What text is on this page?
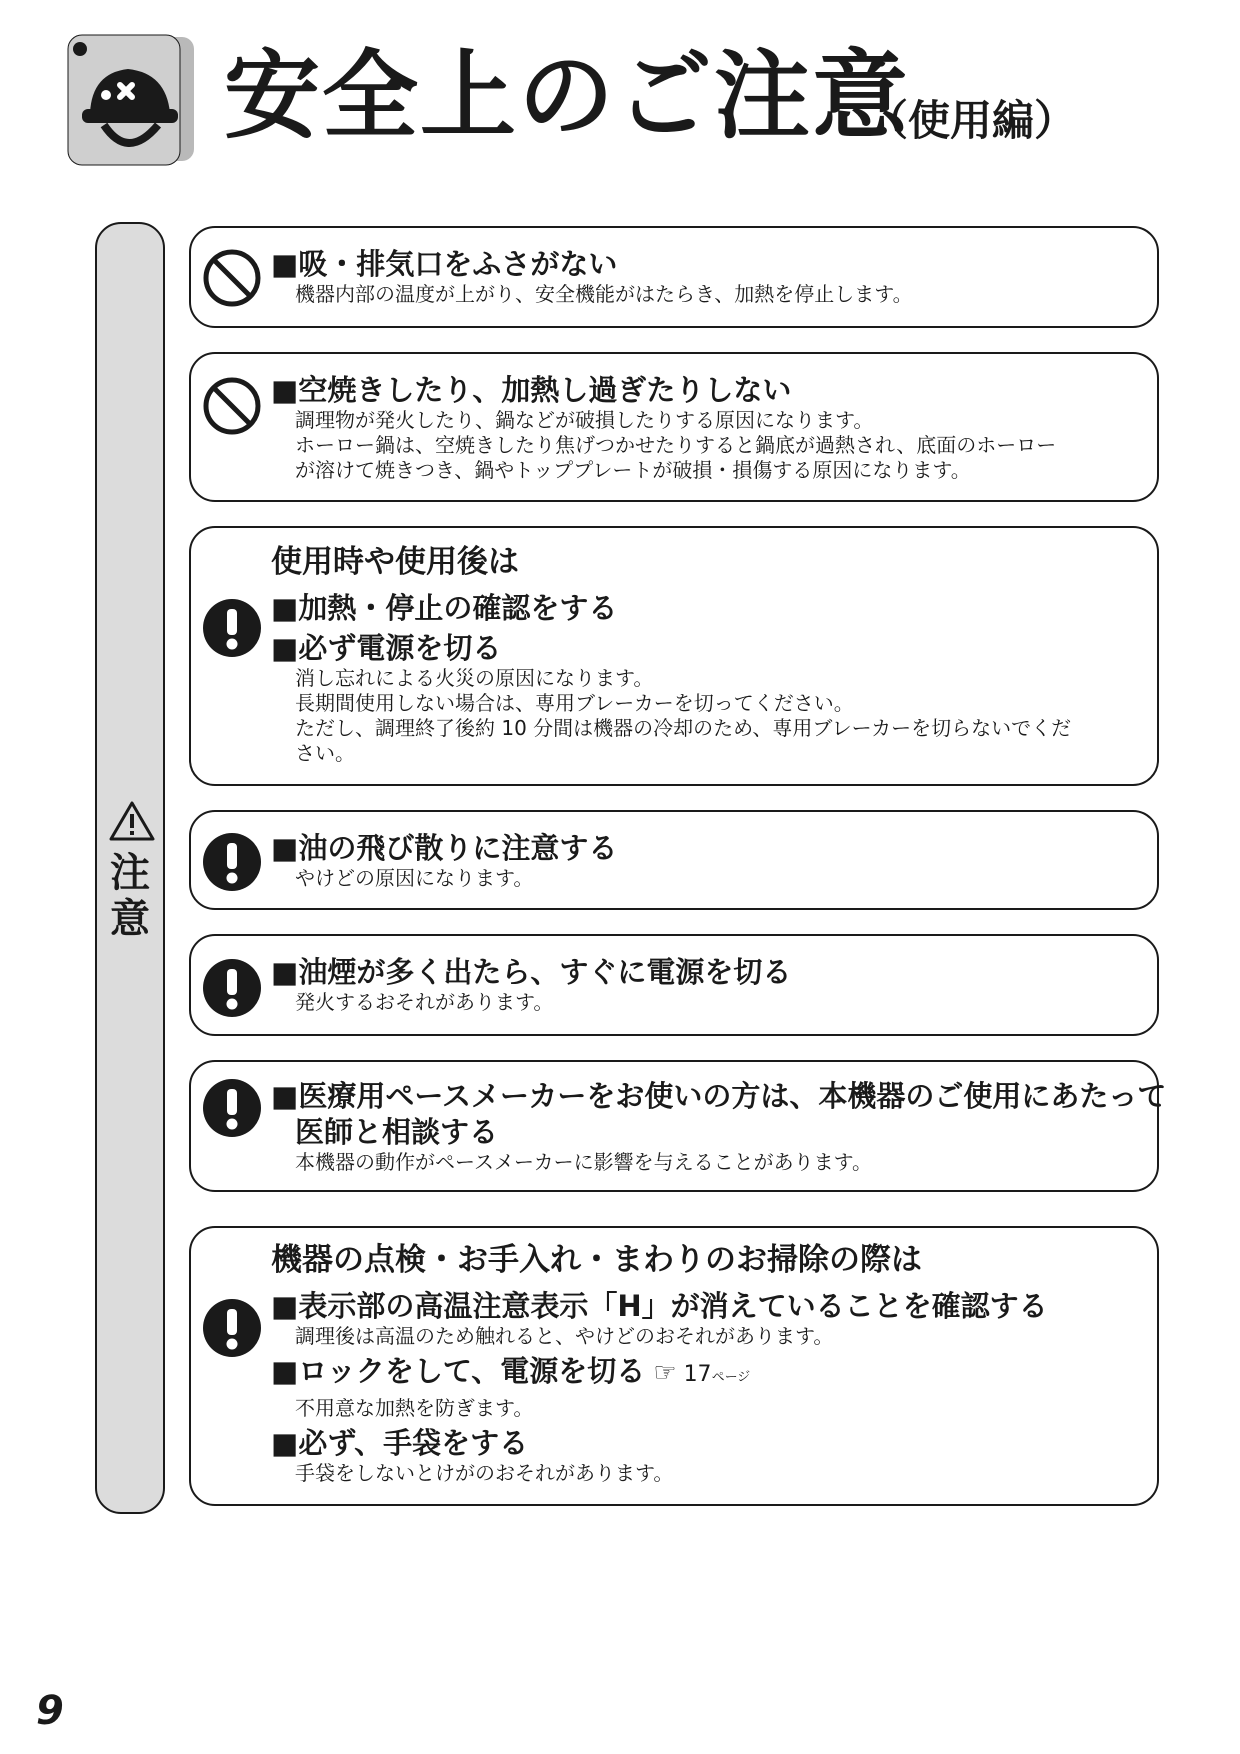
安全上のご注意
（使用編）
注意
■吸・排気口をふさがない
機器内部の温度が上がり、安全機能がはたらき、加熱を停止します。
■空焼きしたり、加熱し過ぎたりしない
調理物が発火したり、鍋などが破損したりする原因になります。
ホーロー鍋は、空焼きしたり焦げつかせたりすると鍋底が過熱され、底面のホーロー
が溶けて焼きつき、鍋やトッププレートが破損・損傷する原因になります。
使用時や使用後は
■加熱・停止の確認をする
■必ず電源を切る
消し忘れによる火災の原因になります。
長期間使用しない場合は、専用ブレーカーを切ってください。
ただし、調理終了後約 10 分間は機器の冷却のため、専用ブレーカーを切らないでくだ
さい。
■油の飛び散りに注意する
やけどの原因になります。
■油煙が多く出たら、すぐに電源を切る
発火するおそれがあります。
■医療用ペースメーカーをお使いの方は、本機器のご使用にあたって
医師と相談する
本機器の動作がペースメーカーに影響を与えることがあります。
機器の点検・お手入れ・まわりのお掃除の際は
■表示部の高温注意表示「H」が消えていることを確認する
調理後は高温のため触れると、やけどのおそれがあります。
■ロックをして、電源を切る ☞ 17ページ
不用意な加熱を防ぎます。
■必ず、手袋をする
手袋をしないとけがのおそれがあります。
9
